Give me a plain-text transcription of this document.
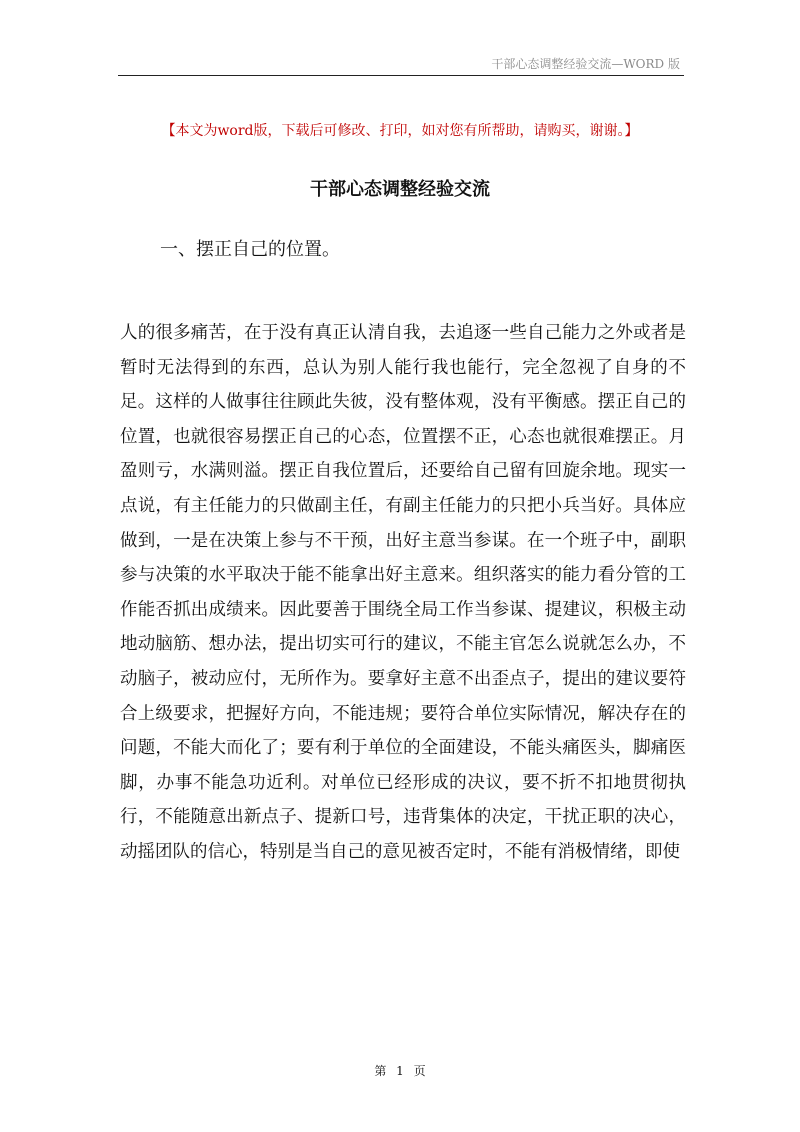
干部心态调整经验交流—WORD 版
【本文为word版，下载后可修改、打印，如对您有所帮助，请购买，谢谢。】
干部心态调整经验交流
一、摆正自己的位置。
人的很多痛苦，在于没有真正认清自我，去追逐一些自己能力之外或者是暂时无法得到的东西，总认为别人能行我也能行，完全忽视了自身的不足。这样的人做事往往顾此失彼，没有整体观，没有平衡感。摆正自己的位置，也就很容易摆正自己的心态，位置摆不正，心态也就很难摆正。月盈则亏，水满则溢。摆正自我位置后，还要给自己留有回旋余地。现实一点说，有主任能力的只做副主任，有副主任能力的只把小兵当好。具体应做到，一是在决策上参与不干预，出好主意当参谋。在一个班子中，副职参与决策的水平取决于能不能拿出好主意来。组织落实的能力看分管的工作能否抓出成绩来。因此要善于围绕全局工作当参谋、提建议，积极主动地动脑筋、想办法，提出切实可行的建议，不能主官怎么说就怎么办，不动脑子，被动应付，无所作为。要拿好主意不出歪点子，提出的建议要符合上级要求，把握好方向，不能违规；要符合单位实际情况，解决存在的问题，不能大而化了；要有利于单位的全面建设，不能头痛医头，脚痛医脚，办事不能急功近利。对单位已经形成的决议，要不折不扣地贯彻执行，不能随意出新点子、提新口号，违背集体的决定，干扰正职的决心，动摇团队的信心，特别是当自己的意见被否定时，不能有消极情绪，即使
第 1 页
